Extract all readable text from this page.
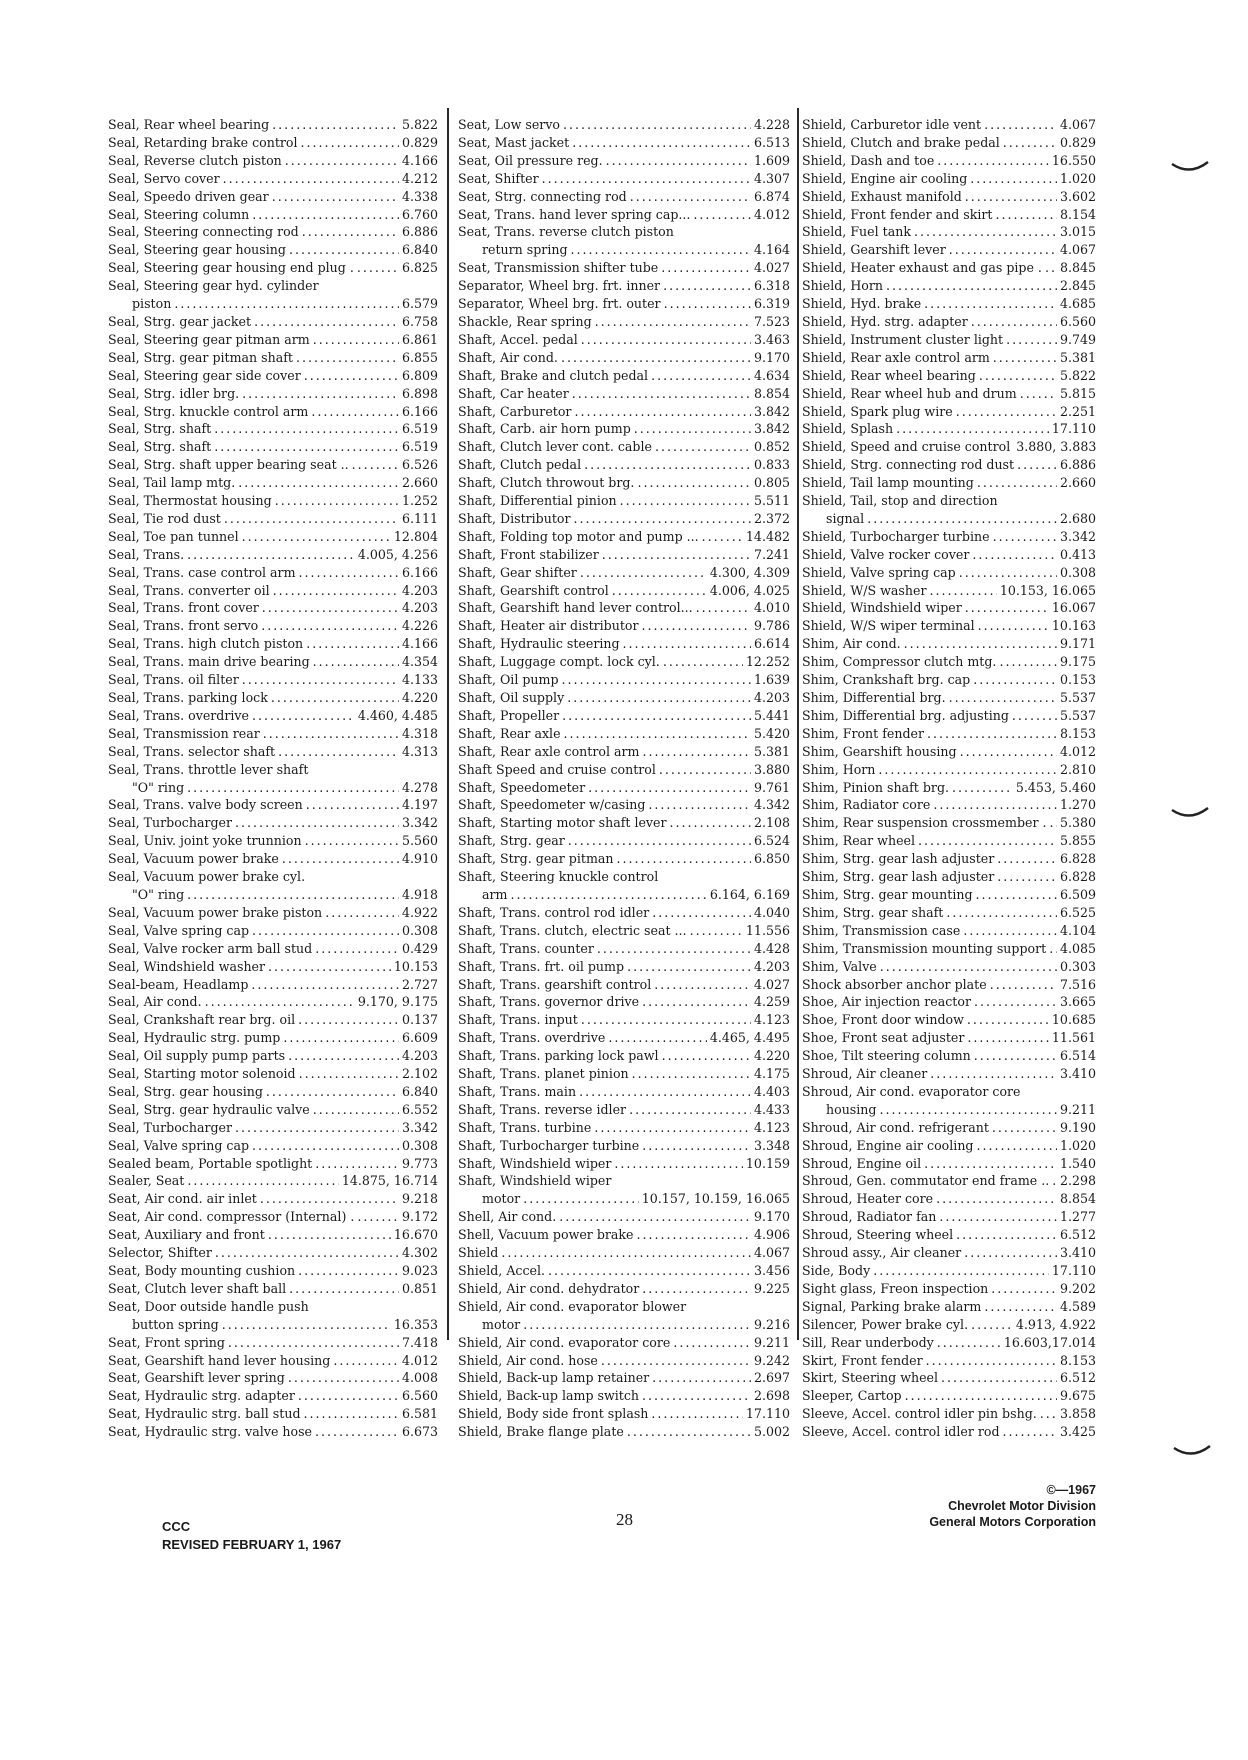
Seal, Rear wheel bearing . . .	5.822
Seal, Retarding brake control . . .	0.829
Seal, Reverse clutch piston . . .	4.166
Seal, Servo cover . . .	4.212
Seal, Speedo driven gear . . .	4.338
Seal, Steering column . . .	6.760
Seal, Steering connecting rod . . .	6.886
Seal, Steering gear housing . . .	6.840
Seal, Steering gear housing end plug . . . .	6.825
Seal, Steering gear hyd. cylinder
piston . . .	6.579
Seal, Strg. gear jacket . . .	6.758
Seal, Steering gear pitman arm . . .	6.861
Seal, Strg. gear pitman shaft . . .	6.855
Seal, Steering gear side cover . . .	6.809
Seal, Strg. idler brg. . . .	6.898
Seal, Strg. knuckle control arm . . .	6.166
Seal, Strg. shaft . . .	6.519
Seal, Strg. shaft . . .	6.519
Seal, Strg. shaft upper bearing seat .. . . .	6.526
Seal, Tail lamp mtg. . . .	2.660
Seal, Thermostat housing . . .	1.252
Seal, Tie rod dust . . .	6.111
Seal, Toe pan tunnel . . .	12.804
Seal, Trans. . . .	4.005, 4.256
Seal, Trans. case control arm . . .	6.166
Seal, Trans. converter oil . . .	4.203
Seal, Trans. front cover . . .	4.203
Seal, Trans. front servo . . .	4.226
Seal, Trans. high clutch piston . . .	4.166
Seal, Trans. main drive bearing . . .	4.354
Seal, Trans. oil filter . . .	4.133
Seal, Trans. parking lock . . .	4.220
Seal, Trans. overdrive . . .	4.460, 4.485
Seal, Transmission rear . . .	4.318
Seal, Trans. selector shaft . . .	4.313
Seal, Trans. throttle lever shaft
"O" ring . . .	4.278
Seal, Trans. valve body screen . . .	4.197
Seal, Turbocharger . . .	3.342
Seal, Univ. joint yoke trunnion . . .	5.560
Seal, Vacuum power brake . . .	4.910
Seal, Vacuum power brake cyl.
"O" ring . . .	4.918
Seal, Vacuum power brake piston . . .	4.922
Seal, Valve spring cap . . .	0.308
Seal, Valve rocker arm ball stud . . .	0.429
Seal, Windshield washer . . .	10.153
Seal-beam, Headlamp . . .	2.727
Seal, Air cond. . . .	9.170, 9.175
Seal, Crankshaft rear brg. oil . . .	0.137
Seal, Hydraulic strg. pump . . .	6.609
Seal, Oil supply pump parts . . .	4.203
Seal, Starting motor solenoid . . .	2.102
Seal, Strg. gear housing . . .	6.840
Seal, Strg. gear hydraulic valve . . .	6.552
Seal, Turbocharger . . .	3.342
Seal, Valve spring cap . . .	0.308
Sealed beam, Portable spotlight . . .	9.773
Sealer, Seat . . .	14.875, 16.714
Seat, Air cond. air inlet . . .	9.218
Seat, Air cond. compressor (Internal) . . . .	9.172
Seat, Auxiliary and front . . .	16.670
Selector, Shifter . . .	4.302
Seat, Body mounting cushion . . .	9.023
Seat, Clutch lever shaft ball . . .	0.851
Seat, Door outside handle push
button spring . . .	16.353
Seat, Front spring . . .	7.418
Seat, Gearshift hand lever housing . . .	4.012
Seat, Gearshift lever spring . . .	4.008
Seat, Hydraulic strg. adapter . . .	6.560
Seat, Hydraulic strg. ball stud . . .	6.581
Seat, Hydraulic strg. valve hose . . .	6.673
Seat, Low servo . . .	4.228
Seat, Mast jacket . . .	6.513
Seat, Oil pressure reg. . . .	1.609
Seat, Shifter . . .	4.307
Seat, Strg. connecting rod . . .	6.874
Seat, Trans. hand lever spring cap... . . .	4.012
Seat, Trans. reverse clutch piston
return spring . . .	4.164
Seat, Transmission shifter tube . . .	4.027
Separator, Wheel brg. frt. inner . . .	6.318
Separator, Wheel brg. frt. outer . . .	6.319
Shackle, Rear spring . . .	7.523
Shaft, Accel. pedal . . .	3.463
Shaft, Air cond. . . .	9.170
Shaft, Brake and clutch pedal . . .	4.634
Shaft, Car heater . . .	8.854
Shaft, Carburetor . . .	3.842
Shaft, Carb. air horn pump . . .	3.842
Shaft, Clutch lever cont. cable . . .	0.852
Shaft, Clutch pedal . . .	0.833
Shaft, Clutch throwout brg. . . .	0.805
Shaft, Differential pinion . . .	5.511
Shaft, Distributor . . .	2.372
Shaft, Folding top motor and pump ... . . .	14.482
Shaft, Front stabilizer . . .	7.241
Shaft, Gear shifter . . .	4.300, 4.309
Shaft, Gearshift control . . .	4.006, 4.025
Shaft, Gearshift hand lever control... . . .	4.010
Shaft, Heater air distributor . . .	9.786
Shaft, Hydraulic steering . . .	6.614
Shaft, Luggage compt. lock cyl. . . .	12.252
Shaft, Oil pump . . .	1.639
Shaft, Oil supply . . .	4.203
Shaft, Propeller . . .	5.441
Shaft, Rear axle . . .	5.420
Shaft, Rear axle control arm . . .	5.381
Shaft Speed and cruise control . . .	3.880
Shaft, Speedometer . . .	9.761
Shaft, Speedometer w/casing . . .	4.342
Shaft, Starting motor shaft lever . . .	2.108
Shaft, Strg. gear . . .	6.524
Shaft, Strg. gear pitman . . .	6.850
Shaft, Steering knuckle control
arm . . .	6.164, 6.169
Shaft, Trans. control rod idler . . .	4.040
Shaft, Trans. clutch, electric seat ... . . .	11.556
Shaft, Trans. counter . . .	4.428
Shaft, Trans. frt. oil pump . . .	4.203
Shaft, Trans. gearshift control . . .	4.027
Shaft, Trans. governor drive . . .	4.259
Shaft, Trans. input . . .	4.123
Shaft, Trans. overdrive . . .	4.465, 4.495
Shaft, Trans. parking lock pawl . . .	4.220
Shaft, Trans. planet pinion . . .	4.175
Shaft, Trans. main . . .	4.403
Shaft, Trans. reverse idler . . .	4.433
Shaft, Trans. turbine . . .	4.123
Shaft, Turbocharger turbine . . .	3.348
Shaft, Windshield wiper . . .	10.159
Shaft, Windshield wiper
motor . . .	10.157, 10.159, 16.065
Shell, Air cond. . . .	9.170
Shell, Vacuum power brake . . .	4.906
Shield . . .	4.067
Shield, Accel. . . .	3.456
Shield, Air cond. dehydrator . . .	9.225
Shield, Air cond. evaporator blower
motor . . .	9.216
Shield, Air cond. evaporator core . . .	9.211
Shield, Air cond. hose . . .	9.242
Shield, Back-up lamp retainer . . .	2.697
Shield, Back-up lamp switch . . .	2.698
Shield, Body side front splash . . .	17.110
Shield, Brake flange plate . . .	5.002
Shield, Carburetor idle vent . . .	4.067
Shield, Clutch and brake pedal . . .	0.829
Shield, Dash and toe . . .	16.550
Shield, Engine air cooling . . .	1.020
Shield, Exhaust manifold . . .	3.602
Shield, Front fender and skirt . . .	8.154
Shield, Fuel tank . . .	3.015
Shield, Gearshift lever . . .	4.067
Shield, Heater exhaust and gas pipe . . . . 8.845
Shield, Horn . . .	2.845
Shield, Hyd. brake . . .	4.685
Shield, Hyd. strg. adapter . . .	6.560
Shield, Instrument cluster light . . .	9.749
Shield, Rear axle control arm . . .	5.381
Shield, Rear wheel bearing . . .	5.822
Shield, Rear wheel hub and drum . . .	5.815
Shield, Spark plug wire . . .	2.251
Shield, Splash . . .	17.110
Shield, Speed and cruise control 3.880, 3.883
Shield, Strg. connecting rod dust . . .	6.886
Shield, Tail lamp mounting . . .	2.660
Shield, Tail, stop and direction
signal . . .	2.680
Shield, Turbocharger turbine . . .	3.342
Shield, Valve rocker cover . . .	0.413
Shield, Valve spring cap . . .	0.308
Shield, W/S washer . . .	10.153, 16.065
Shield, Windshield wiper . . .	16.067
Shield, W/S wiper terminal . . .	10.163
Shim, Air cond. . . .	9.171
Shim, Compressor clutch mtg. . . .	9.175
Shim, Crankshaft brg. cap . . .	0.153
Shim, Differential brg. . . .	5.537
Shim, Differential brg. adjusting . . .	5.537
Shim, Front fender . . .	8.153
Shim, Gearshift housing . . .	4.012
Shim, Horn . . .	2.810
Shim, Pinion shaft brg. . . .	5.453, 5.460
Shim, Radiator core . . .	1.270
Shim, Rear suspension crossmember . . . . 5.380
Shim, Rear wheel . . .	5.855
Shim, Strg. gear lash adjuster . . .	6.828
Shim, Strg. gear lash adjuster . . .	6.828
Shim, Strg. gear mounting . . .	6.509
Shim, Strg. gear shaft . . .	6.525
Shim, Transmission case . . .	4.104
Shim, Transmission mounting support . . . 4.085
Shim, Valve . . .	0.303
Shock absorber anchor plate . . .	7.516
Shoe, Air injection reactor . . .	3.665
Shoe, Front door window . . .	10.685
Shoe, Front seat adjuster . . .	11.561
Shoe, Tilt steering column . . .	6.514
Shroud, Air cleaner . . .	3.410
Shroud, Air cond. evaporator core
housing . . .	9.211
Shroud, Air cond. refrigerant . . .	9.190
Shroud, Engine air cooling . . .	1.020
Shroud, Engine oil . . .	1.540
Shroud, Gen. commutator end frame .. . . . 2.298
Shroud, Heater core . . .	8.854
Shroud, Radiator fan . . .	1.277
Shroud, Steering wheel . . .	6.512
Shroud assy., Air cleaner . . .	3.410
Side, Body . . .	17.110
Sight glass, Freon inspection . . .	9.202
Signal, Parking brake alarm . . .	4.589
Silencer, Power brake cyl. . . .	4.913, 4.922
Sill, Rear underbody . . .	16.603,17.014
Skirt, Front fender . . .	8.153
Skirt, Steering wheel . . .	6.512
Sleeper, Cartop . . .	9.675
Sleeve, Accel. control idler pin bshg. . . . 3.858
Sleeve, Accel. control idler rod . . .	3.425
CCC
REVISED FEBRUARY 1, 1967
28
©—1967
Chevrolet Motor Division
General Motors Corporation
